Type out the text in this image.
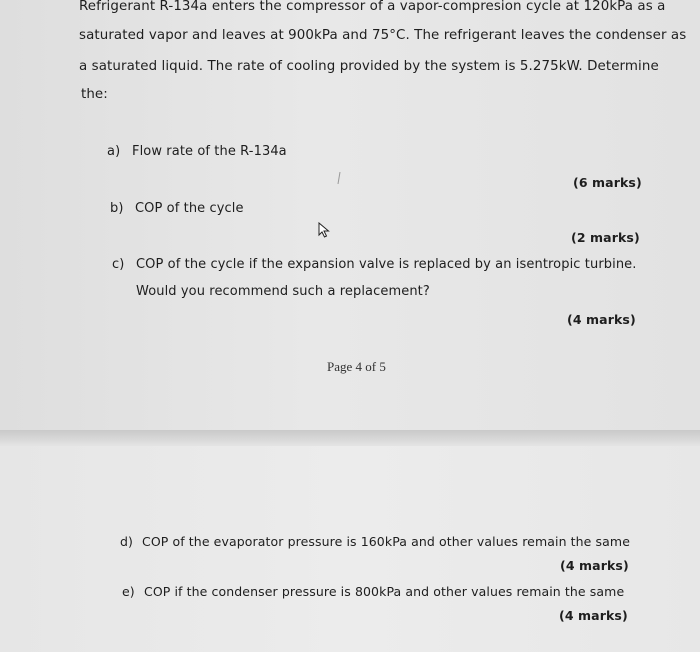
Refrigerant R-134a enters the compressor of a vapor-compresion cycle at 120kPa as a
saturated vapor and leaves at 900kPa and 75°C. The refrigerant leaves the condenser as
a saturated liquid. The rate of cooling provided by the system is 5.275kW. Determine
the:
a) Flow rate of the R-134a
(6 marks)
b) COP of the cycle
(2 marks)
c) COP of the cycle if the expansion valve is replaced by an isentropic turbine.
Would you recommend such a replacement?
(4 marks)
Page 4 of 5
d) COP of the evaporator pressure is 160kPa and other values remain the same
(4 marks)
e) COP if the condenser pressure is 800kPa and other values remain the same
(4 marks)
